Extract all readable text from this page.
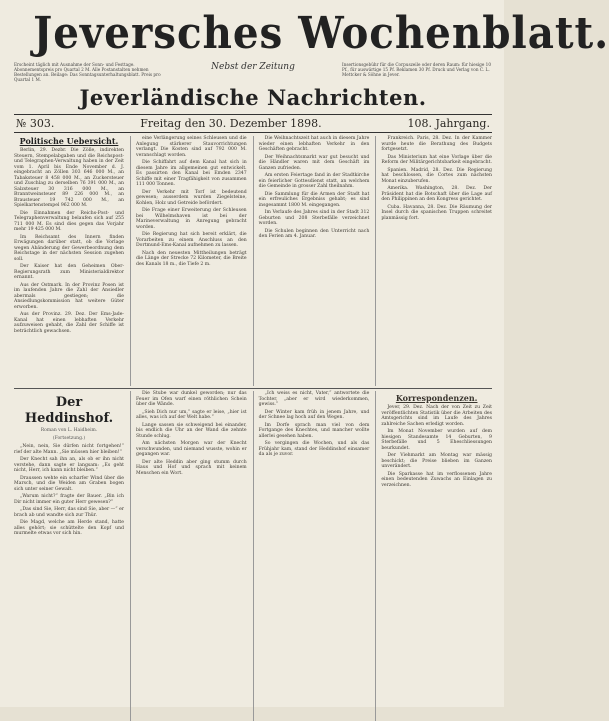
Jeversches Wochenblatt.
Erscheint täglich mit Ausnahme der Sonn- und Festtage. Abonnementspreis pro Quartal 2 M. Alle Postanstalten nehmen Bestellungen an. Beilage: Das Sonntagsunterhaltungsblatt. Preis pro Quartal 1 M.
Nebst der Zeitung	Insertionsgebühr für die Corpuszeile oder deren Raum: für hiesige 10 Pf., für auswärtige 15 Pf. Reklamen 30 Pf. Druck und Verlag von C. L. Mettcker & Söhne in Jever.
Jeverländische Nachrichten.
№ 303.	Freitag den 30. Dezember 1898.	108. Jahrgang.
Politische Uebersicht.

Berlin, 29. Dezbr. Die Zölle, indirekten Steuern, Stempelabgaben und die Reichspost- und Telegraphen-Verwaltung haben in der Zeit vom 1. April bis Ende November d. J. eingebracht an Zöllen 303 646 000 M., an Tabaksteuer 8 458 000 M., an Zuckersteuer und Zuschlag zu derselben 76 391 000 M., an Salzsteuer 30 316 000 M., an Branntweinsteuer 89 226 000 M., an Brausteuer 19 742 000 M., an Spielkartenstempel 962 000 M.

Die Einnahmen der Reichs-Post- und Telegraphenverwaltung belaufen sich auf 255 711 000 M. Es sind dies gegen das Vorjahr mehr 19 425 000 M.

Im Reichsamt des Innern finden Erwägungen darüber statt, ob die Vorlage wegen Abänderung der Gewerbeordnung dem Reichstage in der nächsten Session zugehen soll.

Der Kaiser hat den Geheimen Ober-Regierungsrath zum Ministerialdirektor ernannt.

Aus der Ostmark. In der Provinz Posen ist im laufenden Jahre die Zahl der Ansiedler abermals gestiegen; die Ansiedlungskommission hat weitere Güter erworben.

Aus der Provinz. 29. Dez. Der Ems-Jade-Kanal hat einen lebhaften Verkehr aufzuweisen gehabt, die Zahl der Schiffe ist beträchtlich gewachsen.

eine Verlängerung seines Schleusen und die Anlegung stärkerer Stauvorrichtungen verlangt. Die Kosten sind auf 792 000 M. veranschlagt worden.

Die Schiffahrt auf dem Kanal hat sich in diesem Jahre im allgemeinen gut entwickelt. Es passirten den Kanal bei Emden 2347 Schiffe mit einer Tragfähigkeit von zusammen 111 000 Tonnen.

Der Verkehr mit Torf ist bedeutend gewesen; ausserdem wurden Ziegelsteine, Kohlen, Holz und Getreide befördert.

Die Frage einer Erweiterung der Schleusen bei Wilhelmshaven ist bei der Marineverwaltung in Anregung gebracht worden.

Die Regierung hat sich bereit erklärt, die Vorarbeiten zu einem Anschluss an den Dortmund-Ems-Kanal aufnehmen zu lassen.

Nach den neuesten Mittheilungen beträgt die Länge der Strecke 72 Kilometer, die Breite des Kanals 18 m., die Tiefe 2 m.

Die Weihnachtszeit hat auch in diesem Jahre wieder einen lebhaften Verkehr in den Geschäften gebracht.

Der Weihnachtsmarkt war gut besucht und die Händler waren mit dem Geschäft im Ganzen zufrieden.

Am ersten Feiertage fand in der Stadtkirche ein feierlicher Gottesdienst statt, an welchem die Gemeinde in grosser Zahl theilnahm.

Die Sammlung für die Armen der Stadt hat ein erfreuliches Ergebniss gehabt; es sind insgesammt 1800 M. eingegangen.

Im Verlaufe des Jahres sind in der Stadt 312 Geburten und 208 Sterbefälle verzeichnet worden.

Die Schulen beginnen den Unterricht nach den Ferien am 4. Januar.

Frankreich. Paris, 28. Dez. In der Kammer wurde heute die Berathung des Budgets fortgesetzt.

Das Ministerium hat eine Vorlage über die Reform der Militärgerichtsbarkeit eingebracht.

Spanien. Madrid, 28. Dez. Die Regierung hat beschlossen, die Cortes zum nächsten Monat einzuberufen.

Amerika. Washington, 28. Dez. Der Präsident hat die Botschaft über die Lage auf den Philippinen an den Kongress gerichtet.

Cuba. Havanna, 28. Dez. Die Räumung der Insel durch die spanischen Truppen schreitet planmässig fort.

Der Heddinshof.
Roman von L. Haidheim.
(Fortsetzung.)

„Nein, nein, Sie dürfen nicht fortgehen!“ rief der alte Mann. „Sie müssen hier bleiben!“

Der Knecht sah ihn an, als ob er ihn nicht verstehe, dann sagte er langsam: „Es geht nicht, Herr, ich kann nicht bleiben.“

Draussen wehte ein scharfer Wind über die Marsch, und die Weiden am Graben bogen sich unter seiner Gewalt.

„Warum nicht?“ fragte der Bauer. „Bin ich Dir nicht immer ein guter Herr gewesen?“

„Das sind Sie, Herr, das sind Sie, aber —“ er brach ab und wandte sich zur Thür.

Die Magd, welche am Herde stand, hatte alles gehört; sie schüttelte den Kopf und murmelte etwas vor sich hin.

Die Stube war dunkel geworden; nur das Feuer im Ofen warf einen röthlichen Schein über die Wände.

„Sieh Dich nur um,“ sagte er leise, „hier ist alles, was ich auf der Welt habe.“

Lange sassen sie schweigend bei einander, bis endlich die Uhr an der Wand die zehnte Stunde schlug.

Am nächsten Morgen war der Knecht verschwunden, und niemand wusste, wohin er gegangen war.

Der alte Heddin aber ging stumm durch Haus und Hof und sprach mit keinem Menschen ein Wort.

„Ich weiss es nicht, Vater,“ antwortete die Tochter, „aber er wird wiederkommen, gewiss.“

Der Winter kam früh in jenem Jahre, und der Schnee lag hoch auf den Wegen.

Im Dorfe sprach man viel von dem Fortgange des Knechtes, und mancher wollte allerlei gesehen haben.

So vergingen die Wochen, und als das Frühjahr kam, stand der Heddinshof einsamer da als je zuvor.

Korrespondenzen.

Jever, 29. Dez. Nach der von Zeit zu Zeit veröffentlichten Statistik über die Arbeiten des Amtsgerichts sind im Laufe des Jahres zahlreiche Sachen erledigt worden.

Im Monat November wurden auf dem hiesigen Standesamte 14 Geburten, 9 Sterbefälle und 5 Eheschliessungen beurkundet.

Der Viehmarkt am Montag war mässig beschickt; die Preise blieben im Ganzen unverändert.

Die Sparkasse hat im verflossenen Jahre einen bedeutenden Zuwachs an Einlagen zu verzeichnen.
